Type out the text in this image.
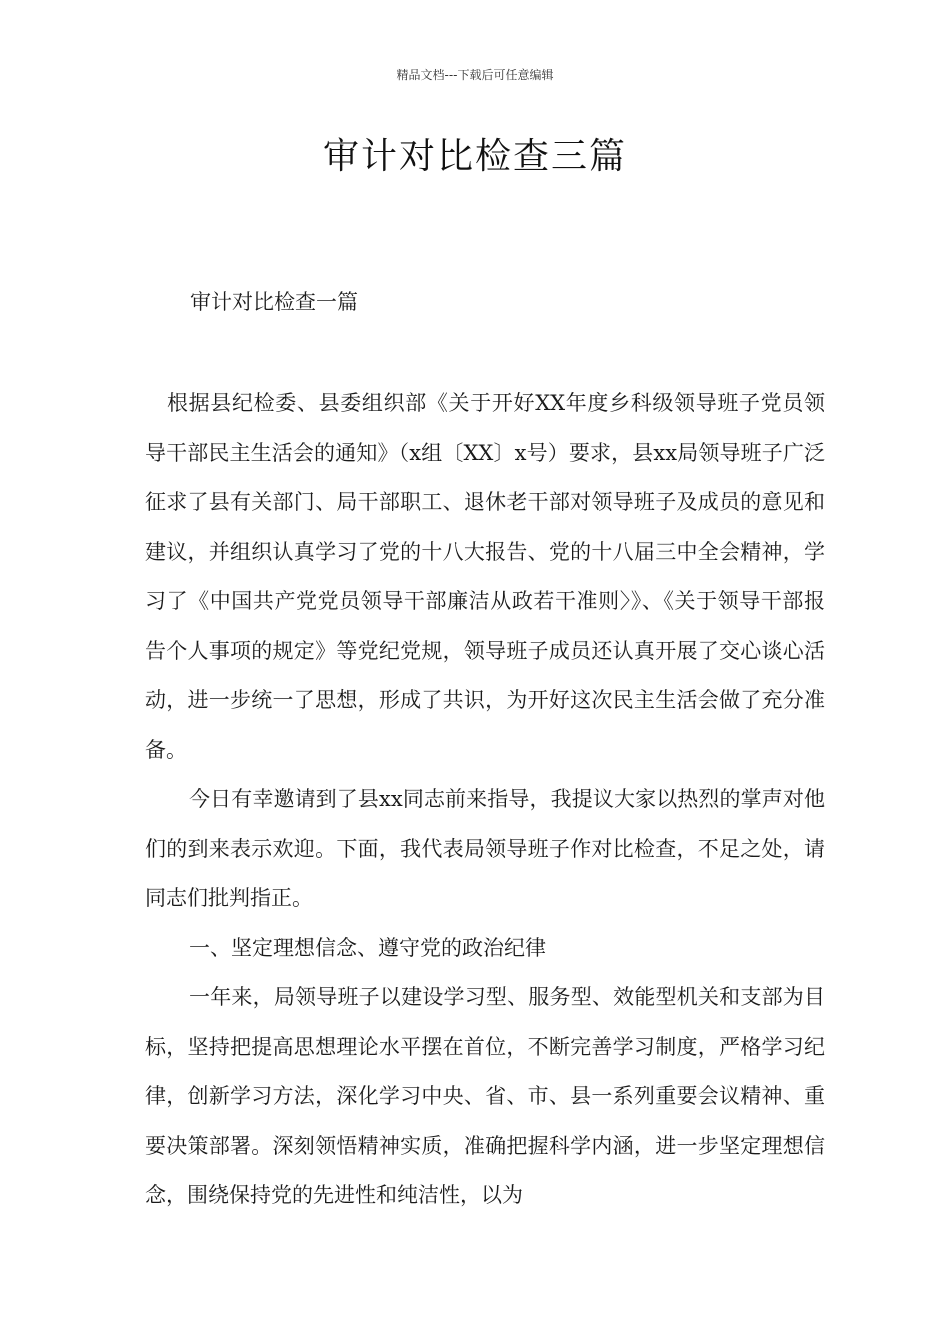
精品文档---下载后可任意编辑
审计对比检查三篇
审计对比检查一篇

根据县纪检委、县委组织部《关于开好XX年度乡科级领导班子党员领导干部民主生活会的通知》（x组〔XX〕x号）要求，县xx局领导班子广泛征求了县有关部门、局干部职工、退休老干部对领导班子及成员的意见和建议，并组织认真学习了党的十八大报告、党的十八届三中全会精神，学习了《中国共产党党员领导干部廉洁从政若干准则〉》、《关于领导干部报告个人事项的规定》等党纪党规，领导班子成员还认真开展了交心谈心活动，进一步统一了思想，形成了共识，为开好这次民主生活会做了充分准备。

今日有幸邀请到了县xx同志前来指导，我提议大家以热烈的掌声对他们的到来表示欢迎。下面，我代表局领导班子作对比检查，不足之处，请同志们批判指正。

一、坚定理想信念、遵守党的政治纪律

一年来，局领导班子以建设学习型、服务型、效能型机关和支部为目标，坚持把提高思想理论水平摆在首位，不断完善学习制度，严格学习纪律，创新学习方法，深化学习中央、省、市、县一系列重要会议精神、重要决策部署。深刻领悟精神实质，准确把握科学内涵，进一步坚定理想信念，围绕保持党的先进性和纯洁性，以为
